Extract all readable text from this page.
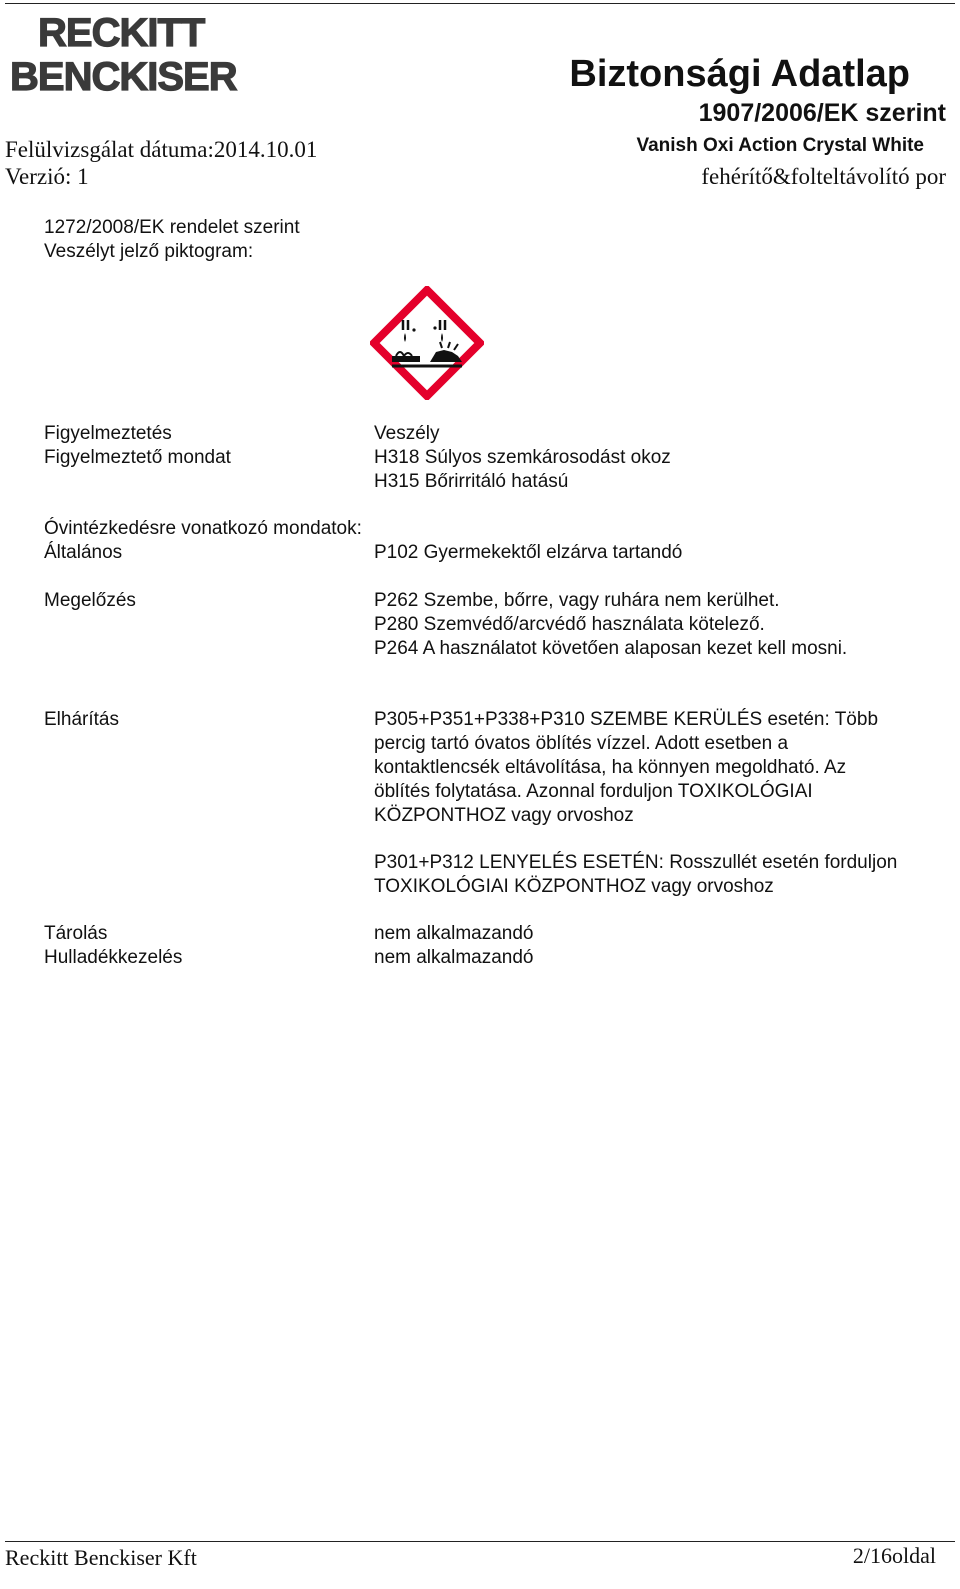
RECKITT
BENCKISER	Biztonsági Adatlap
1907/2006/EK szerint
Vanish Oxi Action Crystal White
fehérítő&folteltávolító por
Felülvizsgálat dátuma:2014.10.01
Verzió: 1
1272/2008/EK rendelet szerint
Veszélyt jelző piktogram:
Figyelmeztetés	Veszély
Figyelmeztető mondat	H318 Súlyos szemkárosodást okoz
H315 Bőrirritáló hatású
Óvintézkedésre vonatkozó mondatok:
Általános	P102 Gyermekektől elzárva tartandó
Megelőzés	P262 Szembe, bőrre, vagy ruhára nem kerülhet.
P280 Szemvédő/arcvédő használata kötelező.
P264 A használatot követően alaposan kezet kell mosni.
Elhárítás	P305+P351+P338+P310 SZEMBE KERÜLÉS esetén: Több
percig tartó óvatos öblítés vízzel. Adott esetben a
kontaktlencsék eltávolítása, ha könnyen megoldható. Az
öblítés folytatása. Azonnal forduljon TOXIKOLÓGIAI
KÖZPONTHOZ vagy orvoshoz
P301+P312 LENYELÉS ESETÉN: Rosszullét esetén forduljon
TOXIKOLÓGIAI KÖZPONTHOZ vagy orvoshoz
Tárolás	nem alkalmazandó
Hulladékkezelés	nem alkalmazandó
Reckitt Benckiser Kft	2/16oldal
